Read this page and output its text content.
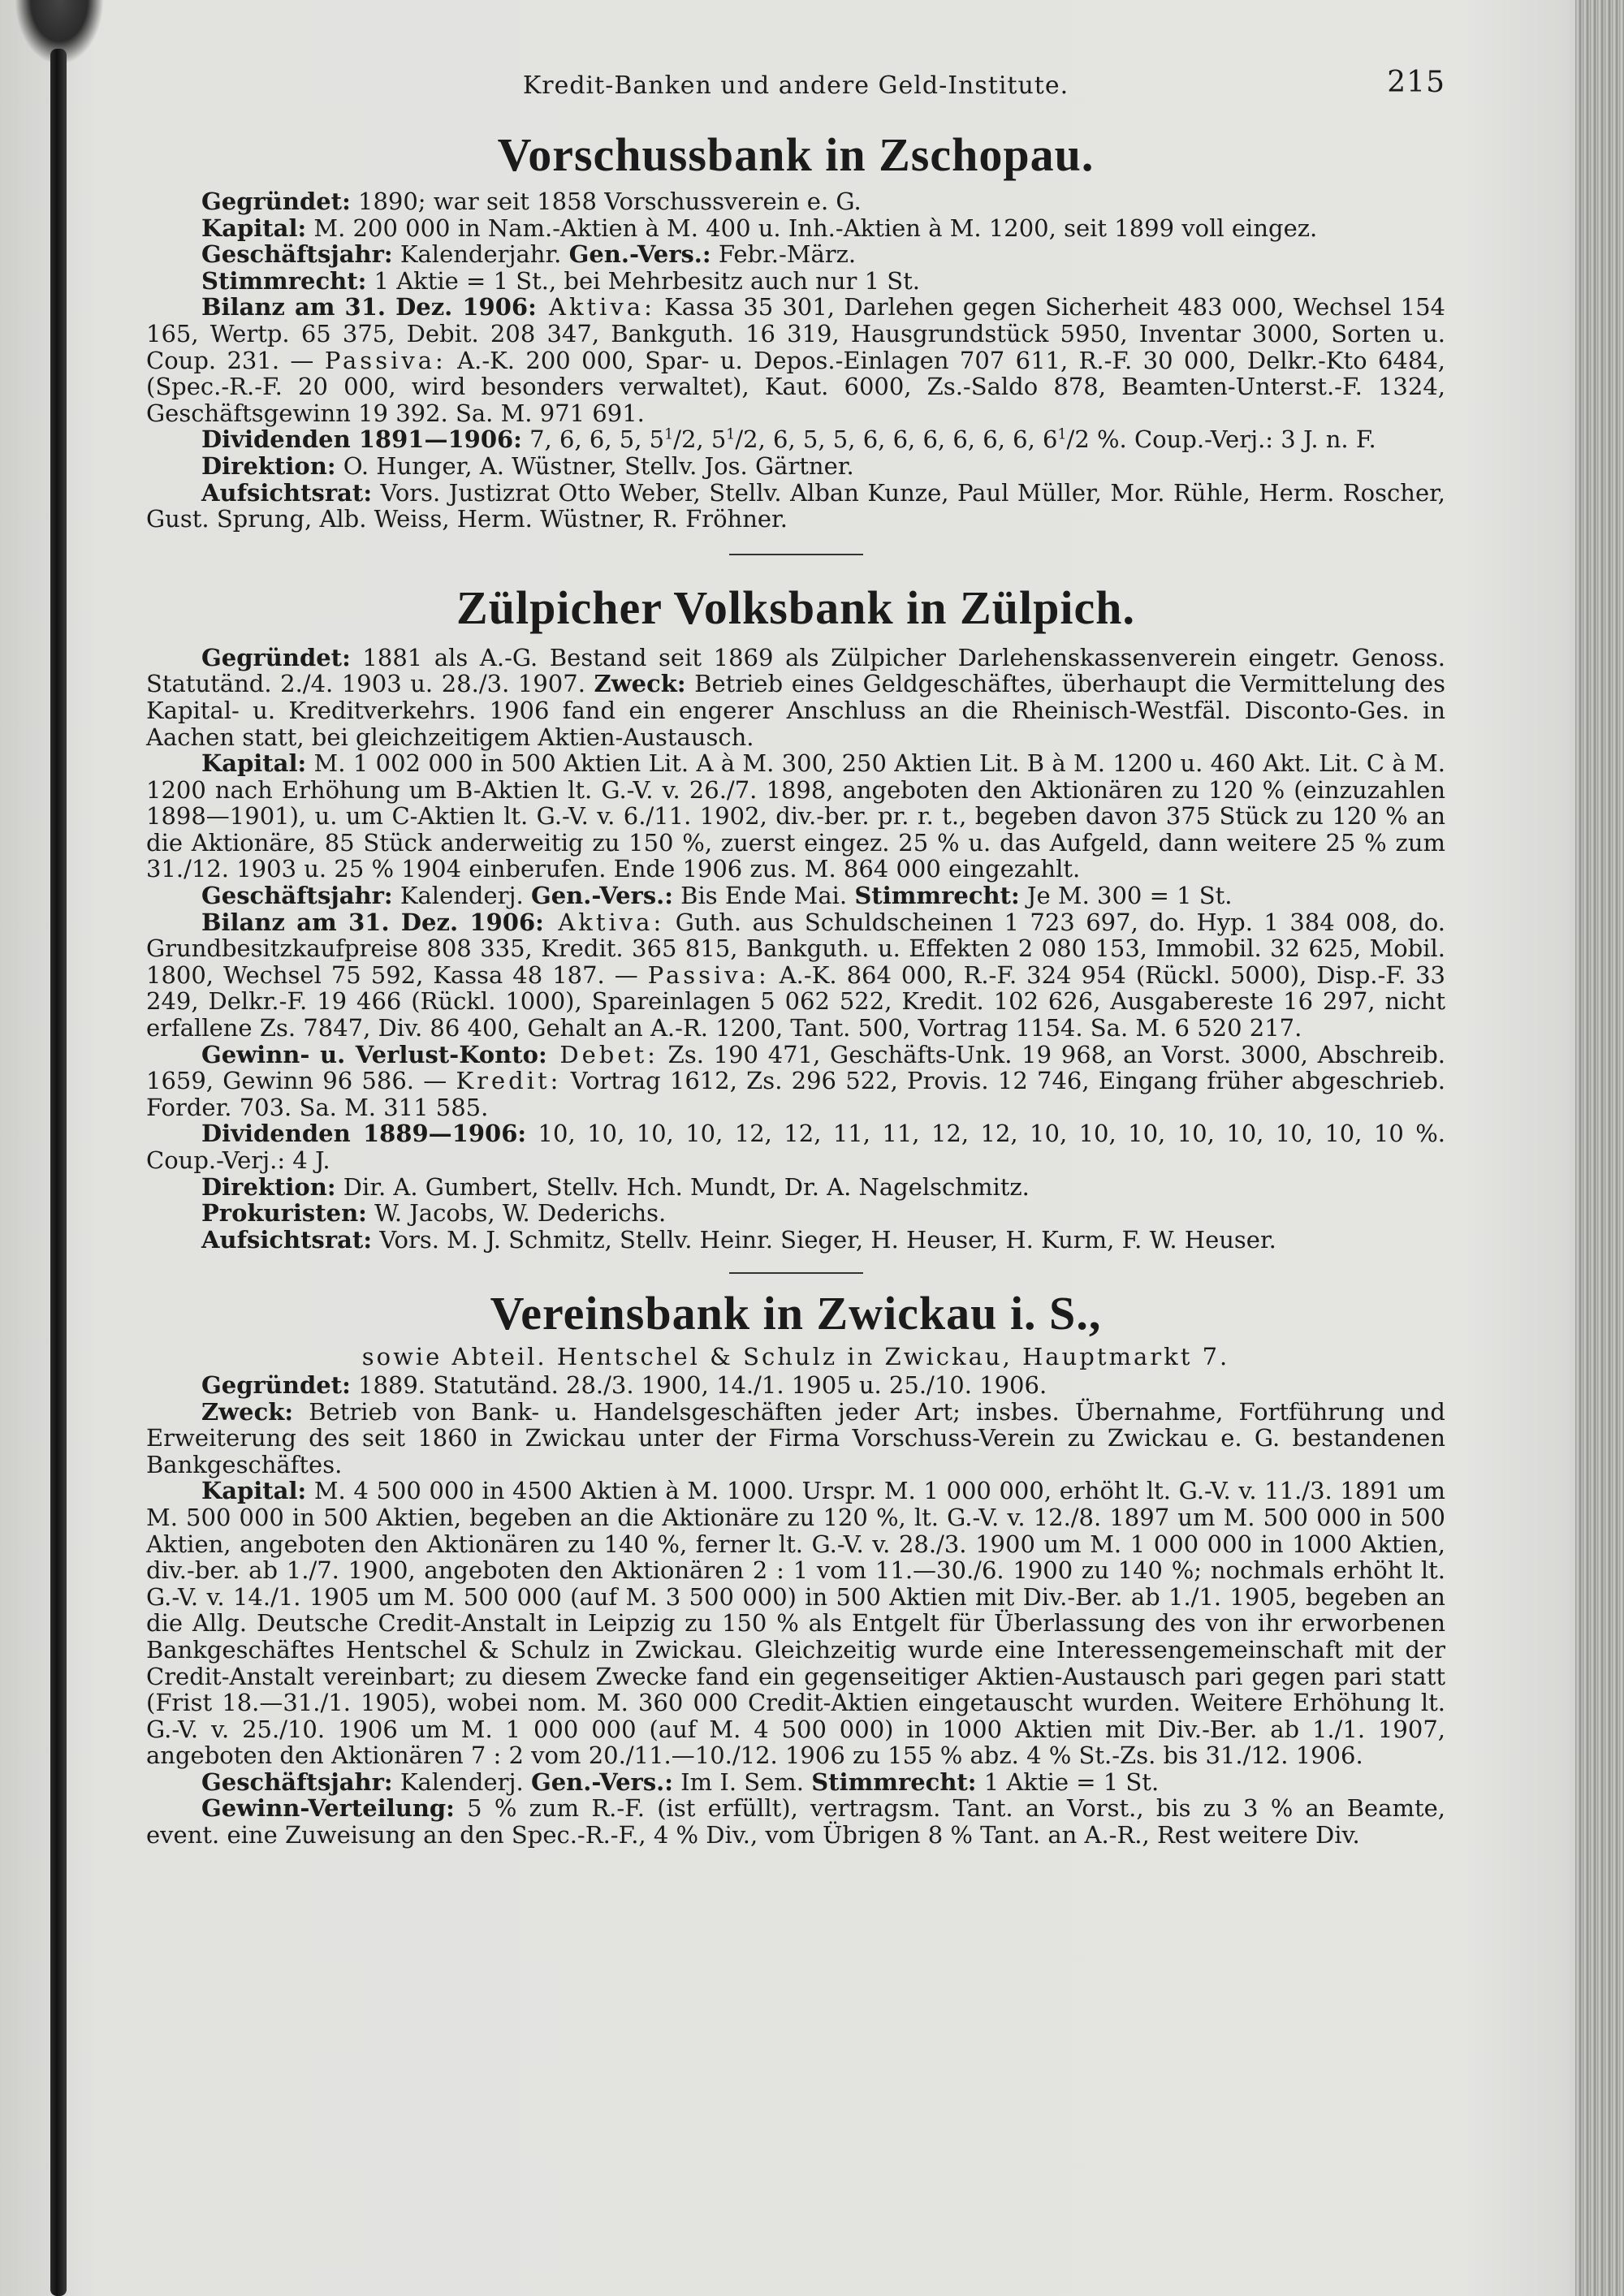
Kredit-Banken und andere Geld-Institute.	215
Vorschussbank in Zschopau.

Gegründet: 1890; war seit 1858 Vorschussverein e. G.

Kapital: M. 200 000 in Nam.-Aktien à M. 400 u. Inh.-Aktien à M. 1200, seit 1899 voll eingez.

Geschäftsjahr: Kalenderjahr. Gen.-Vers.: Febr.-März.

Stimmrecht: 1 Aktie = 1 St., bei Mehrbesitz auch nur 1 St.

Bilanz am 31. Dez. 1906: Aktiva: Kassa 35 301, Darlehen gegen Sicherheit 483 000, Wechsel 154 165, Wertp. 65 375, Debit. 208 347, Bankguth. 16 319, Hausgrundstück 5950, Inventar 3000, Sorten u. Coup. 231. — Passiva: A.-K. 200 000, Spar- u. Depos.-Einlagen 707 611, R.-F. 30 000, Delkr.-Kto 6484, (Spec.-R.-F. 20 000, wird besonders verwaltet), Kaut. 6000, Zs.-Saldo 878, Beamten-Unterst.-F. 1324, Geschäftsgewinn 19 392. Sa. M. 971 691.

Dividenden 1891—1906: 7, 6, 6, 5, $5^1/2$, $5^1/2$, 6, 5, 5, 6, 6, 6, 6, 6, 6, $6^1/2$ %. Coup.-Verj.: 3 J. n. F.

Direktion: O. Hunger, A. Wüstner, Stellv. Jos. Gärtner.

Aufsichtsrat: Vors. Justizrat Otto Weber, Stellv. Alban Kunze, Paul Müller, Mor. Rühle, Herm. Roscher, Gust. Sprung, Alb. Weiss, Herm. Wüstner, R. Fröhner.

Zülpicher Volksbank in Zülpich.

Gegründet: 1881 als A.-G. Bestand seit 1869 als Zülpicher Darlehenskassenverein eingetr. Genoss. Statutänd. 2./4. 1903 u. 28./3. 1907. Zweck: Betrieb eines Geldgeschäftes, überhaupt die Vermittelung des Kapital- u. Kreditverkehrs. 1906 fand ein engerer Anschluss an die Rheinisch-Westfäl. Disconto-Ges. in Aachen statt, bei gleichzeitigem Aktien-Austausch.

Kapital: M. 1 002 000 in 500 Aktien Lit. A à M. 300, 250 Aktien Lit. B à M. 1200 u. 460 Akt. Lit. C à M. 1200 nach Erhöhung um B-Aktien lt. G.-V. v. 26./7. 1898, angeboten den Aktionären zu 120 % (einzuzahlen 1898—1901), u. um C-Aktien lt. G.-V. v. 6./11. 1902, div.-ber. pr. r. t., begeben davon 375 Stück zu 120 % an die Aktionäre, 85 Stück anderweitig zu 150 %, zuerst eingez. 25 % u. das Aufgeld, dann weitere 25 % zum 31./12. 1903 u. 25 % 1904 einberufen. Ende 1906 zus. M. 864 000 eingezahlt.

Geschäftsjahr: Kalenderj. Gen.-Vers.: Bis Ende Mai. Stimmrecht: Je M. 300 = 1 St.

Bilanz am 31. Dez. 1906: Aktiva: Guth. aus Schuldscheinen 1 723 697, do. Hyp. 1 384 008, do. Grundbesitzkaufpreise 808 335, Kredit. 365 815, Bankguth. u. Effekten 2 080 153, Immobil. 32 625, Mobil. 1800, Wechsel 75 592, Kassa 48 187. — Passiva: A.-K. 864 000, R.-F. 324 954 (Rückl. 5000), Disp.-F. 33 249, Delkr.-F. 19 466 (Rückl. 1000), Spareinlagen 5 062 522, Kredit. 102 626, Ausgabereste 16 297, nicht erfallene Zs. 7847, Div. 86 400, Gehalt an A.-R. 1200, Tant. 500, Vortrag 1154. Sa. M. 6 520 217.

Gewinn- u. Verlust-Konto: Debet: Zs. 190 471, Geschäfts-Unk. 19 968, an Vorst. 3000, Abschreib. 1659, Gewinn 96 586. — Kredit: Vortrag 1612, Zs. 296 522, Provis. 12 746, Eingang früher abgeschrieb. Forder. 703. Sa. M. 311 585.

Dividenden 1889—1906: 10, 10, 10, 10, 12, 12, 11, 11, 12, 12, 10, 10, 10, 10, 10, 10, 10, 10 %. Coup.-Verj.: 4 J.

Direktion: Dir. A. Gumbert, Stellv. Hch. Mundt, Dr. A. Nagelschmitz.

Prokuristen: W. Jacobs, W. Dederichs.

Aufsichtsrat: Vors. M. J. Schmitz, Stellv. Heinr. Sieger, H. Heuser, H. Kurm, F. W. Heuser.

Vereinsbank in Zwickau i. S.,

sowie Abteil. Hentschel & Schulz in Zwickau, Hauptmarkt 7.

Gegründet: 1889. Statutänd. 28./3. 1900, 14./1. 1905 u. 25./10. 1906.

Zweck: Betrieb von Bank- u. Handelsgeschäften jeder Art; insbes. Übernahme, Fortführung und Erweiterung des seit 1860 in Zwickau unter der Firma Vorschuss-Verein zu Zwickau e. G. bestandenen Bankgeschäftes.

Kapital: M. 4 500 000 in 4500 Aktien à M. 1000. Urspr. M. 1 000 000, erhöht lt. G.-V. v. 11./3. 1891 um M. 500 000 in 500 Aktien, begeben an die Aktionäre zu 120 %, lt. G.-V. v. 12./8. 1897 um M. 500 000 in 500 Aktien, angeboten den Aktionären zu 140 %, ferner lt. G.-V. v. 28./3. 1900 um M. 1 000 000 in 1000 Aktien, div.-ber. ab 1./7. 1900, angeboten den Aktionären 2 : 1 vom 11.—30./6. 1900 zu 140 %; nochmals erhöht lt. G.-V. v. 14./1. 1905 um M. 500 000 (auf M. 3 500 000) in 500 Aktien mit Div.-Ber. ab 1./1. 1905, begeben an die Allg. Deutsche Credit-Anstalt in Leipzig zu 150 % als Entgelt für Überlassung des von ihr erworbenen Bankgeschäftes Hentschel & Schulz in Zwickau. Gleichzeitig wurde eine Interessengemeinschaft mit der Credit-Anstalt vereinbart; zu diesem Zwecke fand ein gegenseitiger Aktien-Austausch pari gegen pari statt (Frist 18.—31./1. 1905), wobei nom. M. 360 000 Credit-Aktien eingetauscht wurden. Weitere Erhöhung lt. G.-V. v. 25./10. 1906 um M. 1 000 000 (auf M. 4 500 000) in 1000 Aktien mit Div.-Ber. ab 1./1. 1907, angeboten den Aktionären 7 : 2 vom 20./11.—10./12. 1906 zu 155 % abz. 4 % St.-Zs. bis 31./12. 1906.

Geschäftsjahr: Kalenderj. Gen.-Vers.: Im I. Sem. Stimmrecht: 1 Aktie = 1 St.

Gewinn-Verteilung: 5 % zum R.-F. (ist erfüllt), vertragsm. Tant. an Vorst., bis zu 3 % an Beamte, event. eine Zuweisung an den Spec.-R.-F., 4 % Div., vom Übrigen 8 % Tant. an A.-R., Rest weitere Div.
